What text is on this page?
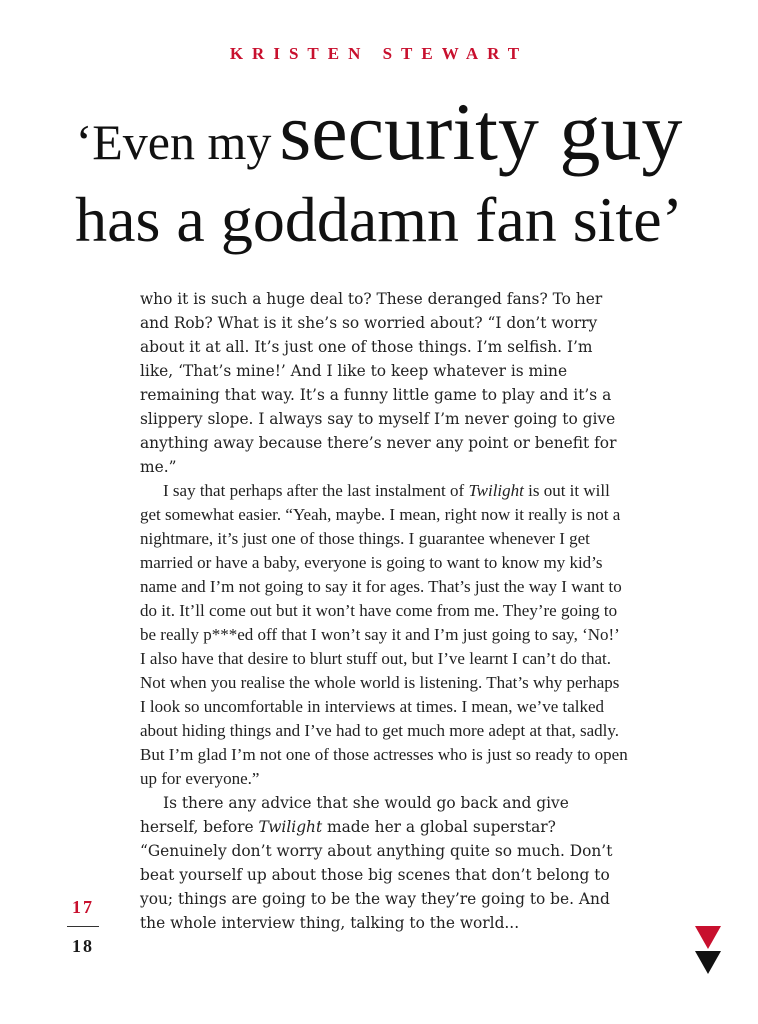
KRISTEN STEWART
‘Even my security guy
has a goddamn fan site’

who it is such a huge deal to? These deranged fans? To her and Rob? What is it she’s so worried about? “I don’t worry about it at all. It’s just one of those things. I’m selfish. I’m like, ‘That’s mine!’ And I like to keep whatever is mine remaining that way. It’s a funny little game to play and it’s a slippery slope. I always say to myself I’m never going to give anything away because there’s never any point or benefit for me.”

I say that perhaps after the last instalment of Twilight is out it will get somewhat easier. “Yeah, maybe. I mean, right now it really is not a nightmare, it’s just one of those things. I guarantee whenever I get married or have a baby, everyone is going to want to know my kid’s name and I’m not going to say it for ages. That’s just the way I want to do it. It’ll come out but it won’t have come from me. They’re going to be really p***ed off that I won’t say it and I’m just going to say, ‘No!’ I also have that desire to blurt stuff out, but I’ve learnt I can’t do that. Not when you realise the whole world is listening. That’s why perhaps I look so uncomfortable in interviews at times. I mean, we’ve talked about hiding things and I’ve had to get much more adept at that, sadly. But I’m glad I’m not one of those actresses who is just so ready to open up for everyone.”

Is there any advice that she would go back and give herself, before Twilight made her a global superstar? “Genuinely don’t worry about anything quite so much. Don’t beat yourself up about those big scenes that don’t belong to you; things are going to be the way they’re going to be. And the whole interview thing, talking to the world...

17
18
